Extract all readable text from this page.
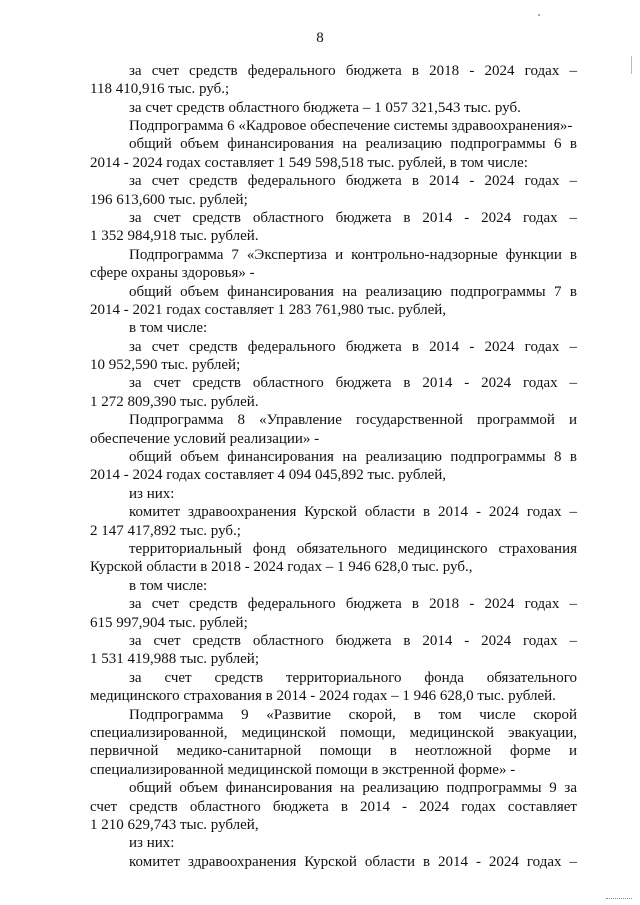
8
за счет средств федерального бюджета в 2018 - 2024 годах –
118 410,916 тыс. руб.;
за счет средств областного бюджета – 1 057 321,543 тыс. руб.
Подпрограмма 6 «Кадровое обеспечение системы здравоохранения»-
общий объем финансирования на реализацию подпрограммы 6 в
2014 - 2024 годах составляет 1 549 598,518 тыс. рублей, в том числе:
за счет средств федерального бюджета в 2014 - 2024 годах –
196 613,600 тыс. рублей;
за счет средств областного бюджета в 2014 - 2024 годах –
1 352 984,918 тыс. рублей.
Подпрограмма 7 «Экспертиза и контрольно-надзорные функции в
сфере охраны здоровья» -
общий объем финансирования на реализацию подпрограммы 7 в
2014 - 2021 годах составляет 1 283 761,980 тыс. рублей,
в том числе:
за счет средств федерального бюджета в 2014 - 2024 годах –
10 952,590 тыс. рублей;
за счет средств областного бюджета в 2014 - 2024 годах –
1 272 809,390 тыс. рублей.
Подпрограмма 8 «Управление государственной программой и
обеспечение условий реализации» -
общий объем финансирования на реализацию подпрограммы 8 в
2014 - 2024 годах составляет 4 094 045,892 тыс. рублей,
из них:
комитет здравоохранения Курской области в 2014 - 2024 годах –
2 147 417,892 тыс. руб.;
территориальный фонд обязательного медицинского страхования
Курской области в 2018 - 2024 годах – 1 946 628,0 тыс. руб.,
в том числе:
за счет средств федерального бюджета в 2018 - 2024 годах –
615 997,904 тыс. рублей;
за счет средств областного бюджета в 2014 - 2024 годах –
1 531 419,988 тыс. рублей;
за счет средств территориального фонда обязательного
медицинского страхования в 2014 - 2024 годах – 1 946 628,0 тыс. рублей.
Подпрограмма 9 «Развитие скорой, в том числе скорой
специализированной, медицинской помощи, медицинской эвакуации,
первичной медико-санитарной помощи в неотложной форме и
специализированной медицинской помощи в экстренной форме» -
общий объем финансирования на реализацию подпрограммы 9 за
счет средств областного бюджета в 2014 - 2024 годах составляет
1 210 629,743 тыс. рублей,
из них:
комитет здравоохранения Курской области в 2014 - 2024 годах –
